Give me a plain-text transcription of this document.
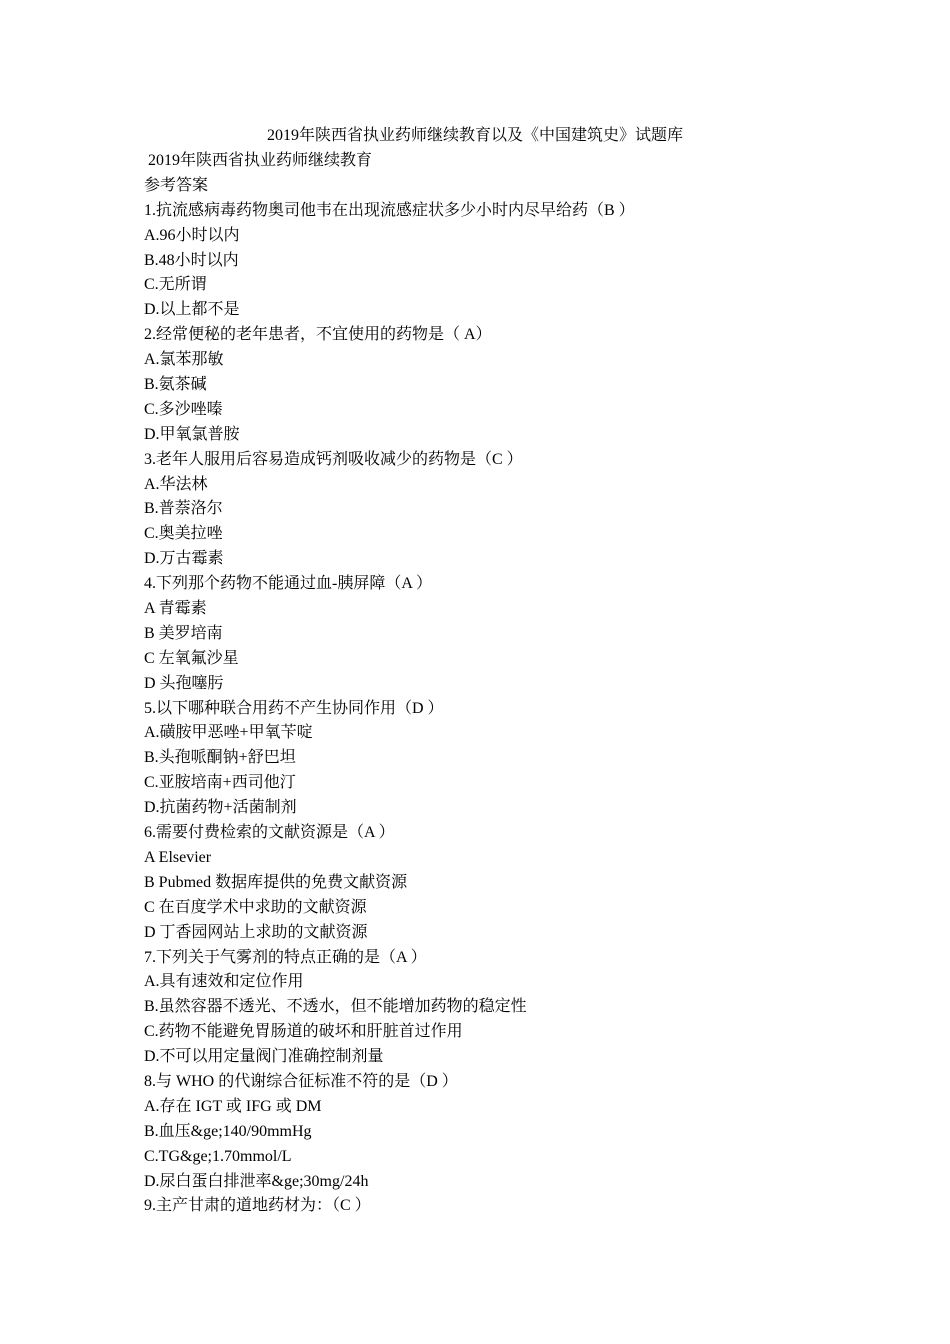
2019年陕西省执业药师继续教育以及《中国建筑史》试题库
2019年陕西省执业药师继续教育
参考答案
1.抗流感病毒药物奥司他韦在出现流感症状多少小时内尽早给药（B ）
A.96小时以内
B.48小时以内
C.无所谓
D.以上都不是
2.经常便秘的老年患者，不宜使用的药物是（ A）
A.氯苯那敏
B.氨茶碱
C.多沙唑嗪
D.甲氧氯普胺
3.老年人服用后容易造成钙剂吸收减少的药物是（C ）
A.华法林
B.普萘洛尔
C.奥美拉唑
D.万古霉素
4.下列那个药物不能通过血-胰屏障（A ）
A 青霉素
B 美罗培南
C 左氧氟沙星
D 头孢噻肟
5.以下哪种联合用药不产生协同作用（D ）
A.磺胺甲恶唑+甲氧苄啶
B.头孢哌酮钠+舒巴坦
C.亚胺培南+西司他汀
D.抗菌药物+活菌制剂
6.需要付费检索的文献资源是（A ）
A Elsevier
B Pubmed 数据库提供的免费文献资源
C 在百度学术中求助的文献资源
D 丁香园网站上求助的文献资源
7.下列关于气雾剂的特点正确的是（A ）
A.具有速效和定位作用
B.虽然容器不透光、不透水，但不能增加药物的稳定性
C.药物不能避免胃肠道的破坏和肝脏首过作用
D.不可以用定量阀门准确控制剂量
8.与 WHO 的代谢综合征标准不符的是（D ）
A.存在 IGT 或 IFG 或 DM
B.血压&ge;140/90mmHg
C.TG&ge;1.70mmol/L
D.尿白蛋白排泄率&ge;30mg/24h
9.主产甘肃的道地药材为：（C ）
